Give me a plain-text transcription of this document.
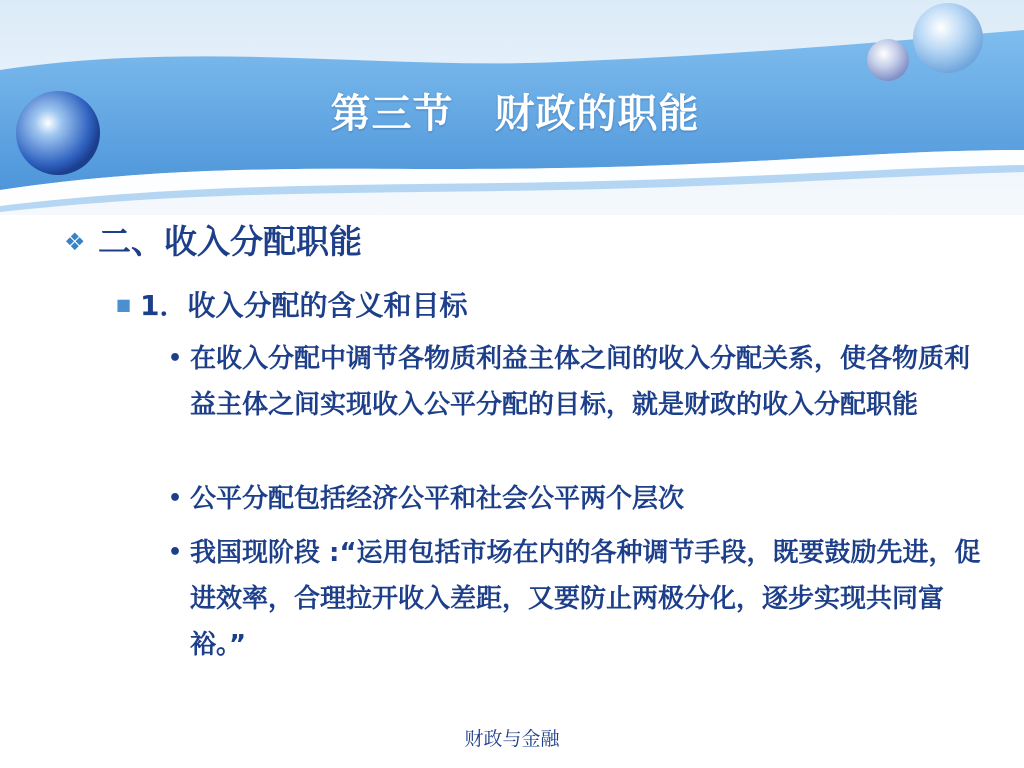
第三节　财政的职能
❖ 二、收入分配职能
■ 1．收入分配的含义和目标
• 在收入分配中调节各物质利益主体之间的收入分配关系，使各物质利益主体之间实现收入公平分配的目标，就是财政的收入分配职能
• 公平分配包括经济公平和社会公平两个层次
• 我国现阶段 :“运用包括市场在内的各种调节手段，既要鼓励先进，促进效率，合理拉开收入差距，又要防止两极分化，逐步实现共同富裕。”
财政与金融
